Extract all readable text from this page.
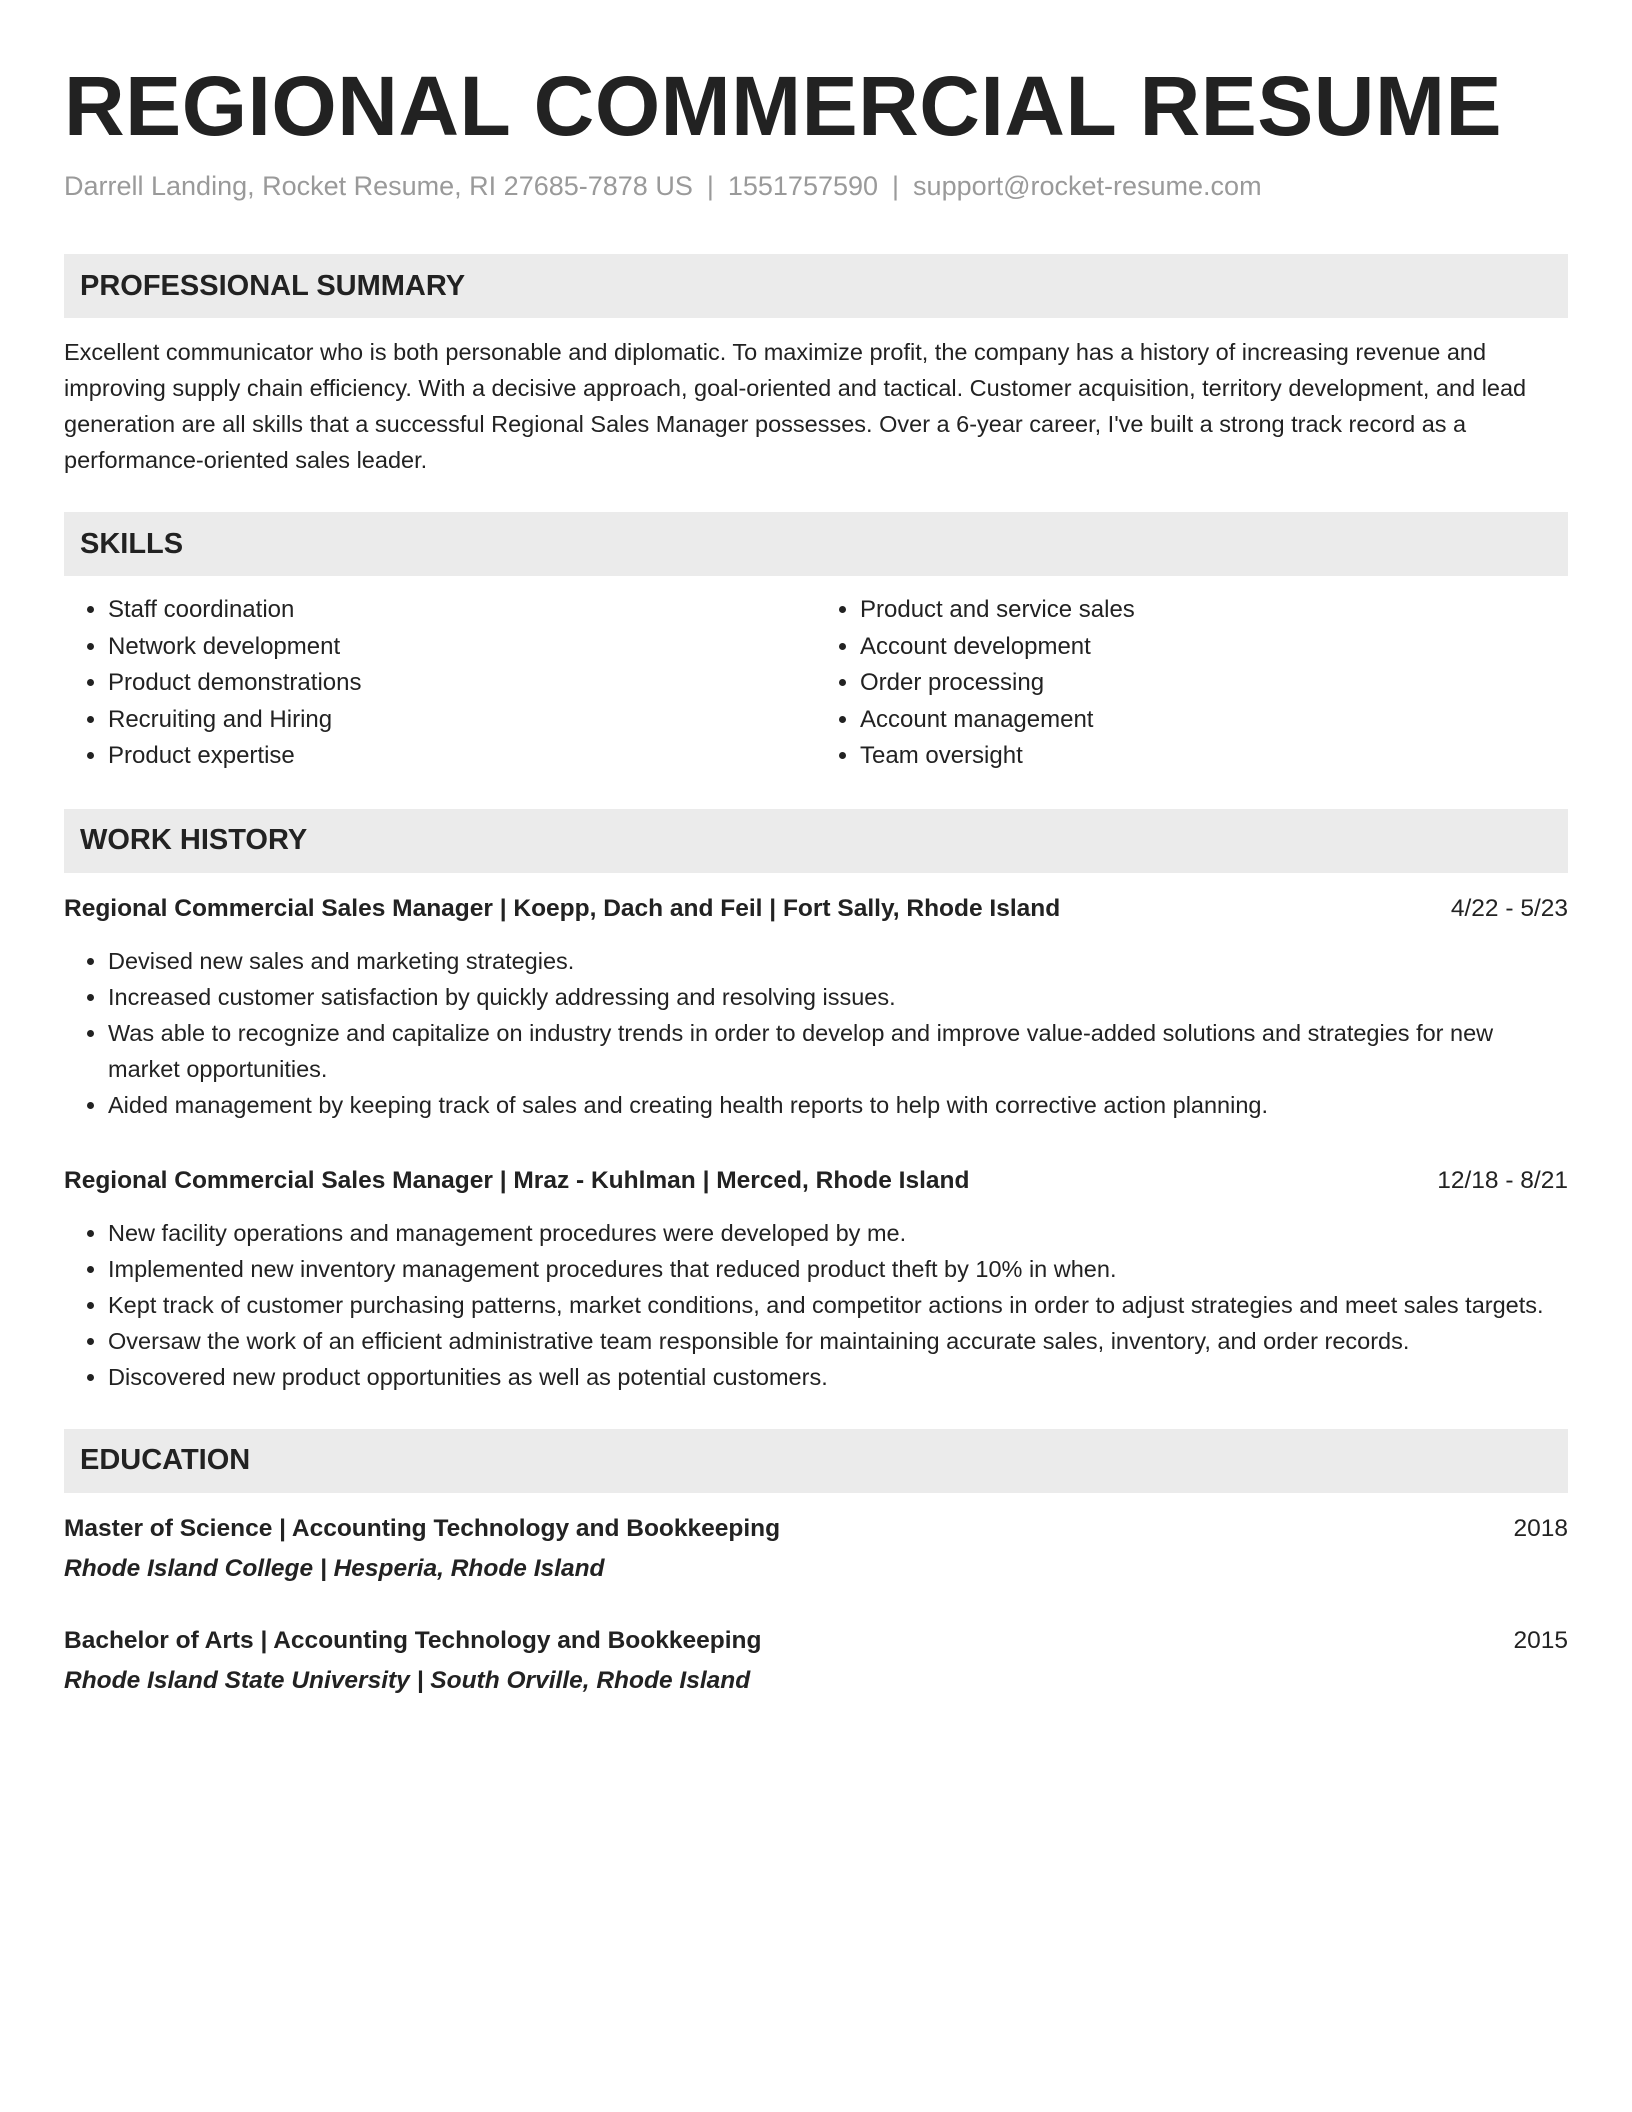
REGIONAL COMMERCIAL RESUME
Darrell Landing, Rocket Resume, RI 27685-7878 US | 1551757590 | support@rocket-resume.com
PROFESSIONAL SUMMARY
Excellent communicator who is both personable and diplomatic. To maximize profit, the company has a history of increasing revenue and improving supply chain efficiency. With a decisive approach, goal-oriented and tactical. Customer acquisition, territory development, and lead generation are all skills that a successful Regional Sales Manager possesses. Over a 6-year career, I've built a strong track record as a performance-oriented sales leader.
SKILLS
• Staff coordination
• Network development
• Product demonstrations
• Recruiting and Hiring
• Product expertise
• Product and service sales
• Account development
• Order processing
• Account management
• Team oversight
WORK HISTORY
Regional Commercial Sales Manager | Koepp, Dach and Feil | Fort Sally, Rhode Island	4/22 - 5/23
• Devised new sales and marketing strategies.
• Increased customer satisfaction by quickly addressing and resolving issues.
• Was able to recognize and capitalize on industry trends in order to develop and improve value-added solutions and strategies for new market opportunities.
• Aided management by keeping track of sales and creating health reports to help with corrective action planning.
Regional Commercial Sales Manager | Mraz - Kuhlman | Merced, Rhode Island	12/18 - 8/21
• New facility operations and management procedures were developed by me.
• Implemented new inventory management procedures that reduced product theft by 10% in when.
• Kept track of customer purchasing patterns, market conditions, and competitor actions in order to adjust strategies and meet sales targets.
• Oversaw the work of an efficient administrative team responsible for maintaining accurate sales, inventory, and order records.
• Discovered new product opportunities as well as potential customers.
EDUCATION
Master of Science | Accounting Technology and Bookkeeping	2018
Rhode Island College | Hesperia, Rhode Island
Bachelor of Arts | Accounting Technology and Bookkeeping	2015
Rhode Island State University | South Orville, Rhode Island
